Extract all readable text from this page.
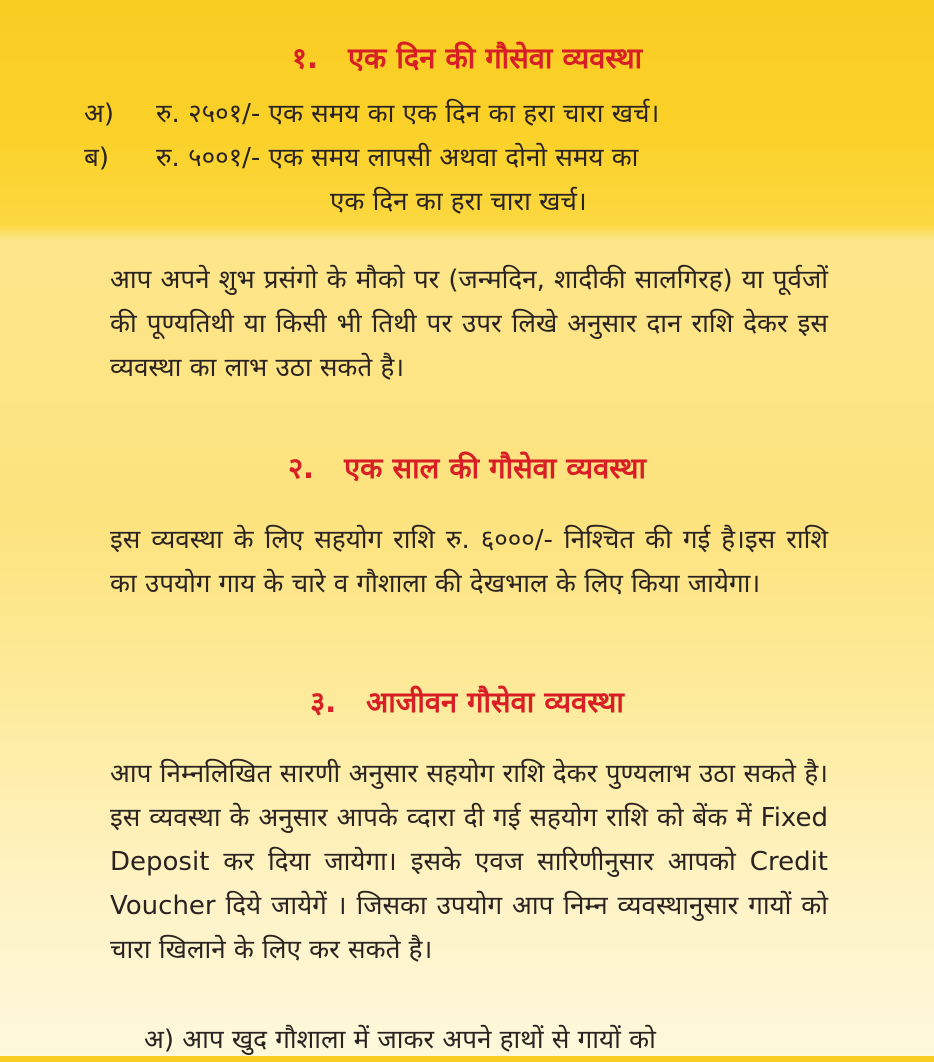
१. एक दिन की गौसेवा व्यवस्था
अ) रु. २५०१/- एक समय का एक दिन का हरा चारा खर्च।
ब) रु. ५००१/- एक समय लापसी अथवा दोनो समय का
एक दिन का हरा चारा खर्च।

आप अपने शुभ प्रसंगो के मौको पर (जन्मदिन, शादीकी सालगिरह) या पूर्वजों की पूण्यतिथी या किसी भी तिथी पर उपर लिखे अनुसार दान राशि देकर इस व्यवस्था का लाभ उठा सकते है।

२. एक साल की गौसेवा व्यवस्था

इस व्यवस्था के लिए सहयोग राशि रु. ६०००/- निश्चित की गई है।इस राशि का उपयोग गाय के चारे व गौशाला की देखभाल के लिए किया जायेगा।

३. आजीवन गौसेवा व्यवस्था

आप निम्नलिखित सारणी अनुसार सहयोग राशि देकर पुण्यलाभ उठा सकते है। इस व्यवस्था के अनुसार आपके व्दारा दी गई सहयोग राशि को बेंक में Fixed Deposit कर दिया जायेगा। इसके एवज सारिणीनुसार आपको Credit Voucher दिये जायेगें । जिसका उपयोग आप निम्न व्यवस्थानुसार गायों को चारा खिलाने के लिए कर सकते है।

अ) आप खुद गौशाला में जाकर अपने हाथों से गायों को
